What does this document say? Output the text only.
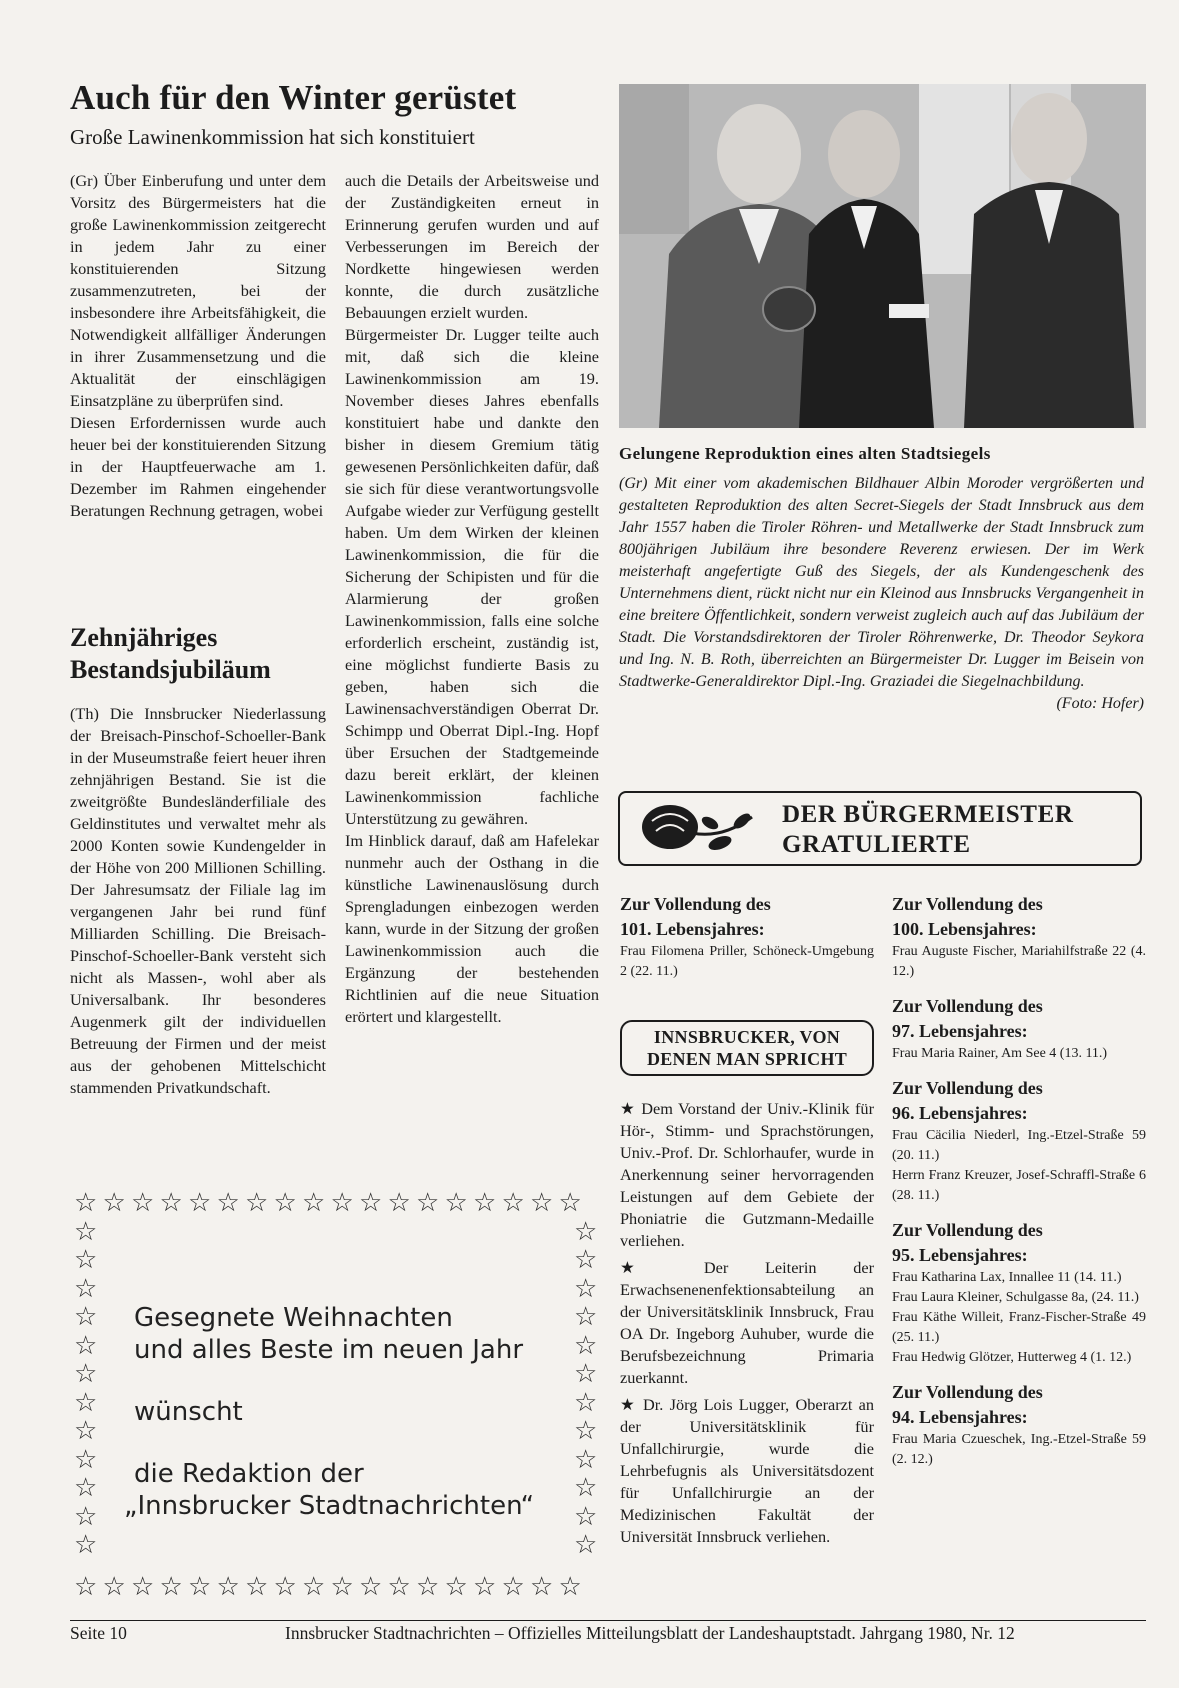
Auch für den Winter gerüstet
Große Lawinenkommission hat sich konstituiert

(Gr) Über Einberufung und unter dem Vorsitz des Bürgermeisters hat die große Lawinenkommission zeitgerecht in jedem Jahr zu einer konstituierenden Sitzung zusammenzutreten, bei der insbesondere ihre Arbeitsfähigkeit, die Notwendigkeit allfälliger Änderungen in ihrer Zusammensetzung und die Aktualität der einschlägigen Einsatzpläne zu überprüfen sind.

Diesen Erfordernissen wurde auch heuer bei der konstituierenden Sitzung in der Hauptfeuerwache am 1. Dezember im Rahmen eingehender Beratungen Rechnung getragen, wobei

auch die Details der Arbeitsweise und der Zuständigkeiten erneut in Erinnerung gerufen wurden und auf Verbesserungen im Bereich der Nordkette hingewiesen werden konnte, die durch zusätzliche Bebauungen erzielt wurden.

Bürgermeister Dr. Lugger teilte auch mit, daß sich die kleine Lawinenkommission am 19. November dieses Jahres ebenfalls konstituiert habe und dankte den bisher in diesem Gremium tätig gewesenen Persönlichkeiten dafür, daß sie sich für diese verantwortungsvolle Aufgabe wieder zur Verfügung gestellt haben. Um dem Wirken der kleinen Lawinenkommission, die für die Sicherung der Schipisten und für die Alarmierung der großen Lawinenkommission, falls eine solche erforderlich erscheint, zuständig ist, eine möglichst fundierte Basis zu geben, haben sich die Lawinensachverständigen Oberrat Dr. Schimpp und Oberrat Dipl.-Ing. Hopf über Ersuchen der Stadtgemeinde dazu bereit erklärt, der kleinen Lawinenkommission fachliche Unterstützung zu gewähren.

Im Hinblick darauf, daß am Hafelekar nunmehr auch der Osthang in die künstliche Lawinenauslösung durch Sprengladungen einbezogen werden kann, wurde in der Sitzung der großen Lawinenkommission auch die Ergänzung der bestehenden Richtlinien auf die neue Situation erörtert und klargestellt.

Zehnjähriges Bestandsjubiläum
(Th) Die Innsbrucker Niederlassung der Breisach-Pinschof-Schoeller-Bank in der Museumstraße feiert heuer ihren zehnjährigen Bestand. Sie ist die zweitgrößte Bundesländerfiliale des Geldinstitutes und verwaltet mehr als 2000 Konten sowie Kundengelder in der Höhe von 200 Millionen Schilling. Der Jahresumsatz der Filiale lag im vergangenen Jahr bei rund fünf Milliarden Schilling. Die Breisach-Pinschof-Schoeller-Bank versteht sich nicht als Massen-, wohl aber als Universalbank. Ihr besonderes Augenmerk gilt der individuellen Betreuung der Firmen und der meist aus der gehobenen Mittelschicht stammenden Privatkundschaft.
Gelungene Reproduktion eines alten Stadtsiegels

(Gr) Mit einer vom akademischen Bildhauer Albin Moroder vergrößerten und gestalteten Reproduktion des alten Secret-Siegels der Stadt Innsbruck aus dem Jahr 1557 haben die Tiroler Röhren- und Metallwerke der Stadt Innsbruck zum 800jährigen Jubiläum ihre besondere Reverenz erwiesen. Der im Werk meisterhaft angefertigte Guß des Siegels, der als Kundengeschenk des Unternehmens dient, rückt nicht nur ein Kleinod aus Innsbrucks Vergangenheit in eine breitere Öffentlichkeit, sondern verweist zugleich auch auf das Jubiläum der Stadt. Die Vorstandsdirektoren der Tiroler Röhrenwerke, Dr. Theodor Seykora und Ing. N. B. Roth, überreichten an Bürgermeister Dr. Lugger im Beisein von Stadtwerke-Generaldirektor Dipl.-Ing. Graziadei die Siegelnachbildung.

(Foto: Hofer)

DER BÜRGERMEISTER
GRATULIERTE

Zur Vollendung des

101. Lebensjahres:

Frau Filomena Priller, Schöneck-Umgebung 2 (22. 11.)

Zur Vollendung des

100. Lebensjahres:

Frau Auguste Fischer, Mariahilfstraße 22 (4. 12.)

Zur Vollendung des

97. Lebensjahres:

Frau Maria Rainer, Am See 4 (13. 11.)

Zur Vollendung des

96. Lebensjahres:

Frau Cäcilia Niederl, Ing.-Etzel-Straße 59 (20. 11.)

Herrn Franz Kreuzer, Josef-Schraffl-Straße 6 (28. 11.)

Zur Vollendung des

95. Lebensjahres:

Frau Katharina Lax, Innallee 11 (14. 11.)

Frau Laura Kleiner, Schulgasse 8a, (24. 11.)

Frau Käthe Willeit, Franz-Fischer-Straße 49 (25. 11.)

Frau Hedwig Glötzer, Hutterweg 4 (1. 12.)

Zur Vollendung des

94. Lebensjahres:

Frau Maria Czueschek, Ing.-Etzel-Straße 59 (2. 12.)

INNSBRUCKER, VON
DENEN MAN SPRICHT

★ Dem Vorstand der Univ.-Klinik für Hör-, Stimm- und Sprachstörungen, Univ.-Prof. Dr. Schlorhaufer, wurde in Anerkennung seiner hervorragenden Leistungen auf dem Gebiete der Phoniatrie die Gutzmann-Medaille verliehen.

★ Der Leiterin der Erwachsenenenfektionsabteilung an der Universitätsklinik Innsbruck, Frau OA Dr. Ingeborg Auhuber, wurde die Berufsbezeichnung Primaria zuerkannt.

★ Dr. Jörg Lois Lugger, Oberarzt an der Universitätsklinik für Unfallchirurgie, wurde die Lehrbefugnis als Universitätsdozent für Unfallchirurgie an der Medizinischen Fakultät der Universität Innsbruck verliehen.

☆
☆
☆
☆
☆
☆
☆
☆
☆
☆
☆
☆
☆
☆
☆
☆
☆
☆
☆
☆
☆
☆
☆
☆
☆
☆
☆
☆
☆
☆
☆
☆
☆
☆
☆
☆
☆	☆
☆	☆
☆	☆
☆	☆
☆	☆
☆	☆
☆	☆
☆	☆
☆	☆
☆	☆
☆	☆
☆	☆
Gesegnete Weihnachten
und alles Beste im neuen Jahr
wünscht
die Redaktion der
„Innsbrucker Stadtnachrichten“
Seite 10	Innsbrucker Stadtnachrichten – Offizielles Mitteilungsblatt der Landeshauptstadt. Jahrgang 1980, Nr. 12
